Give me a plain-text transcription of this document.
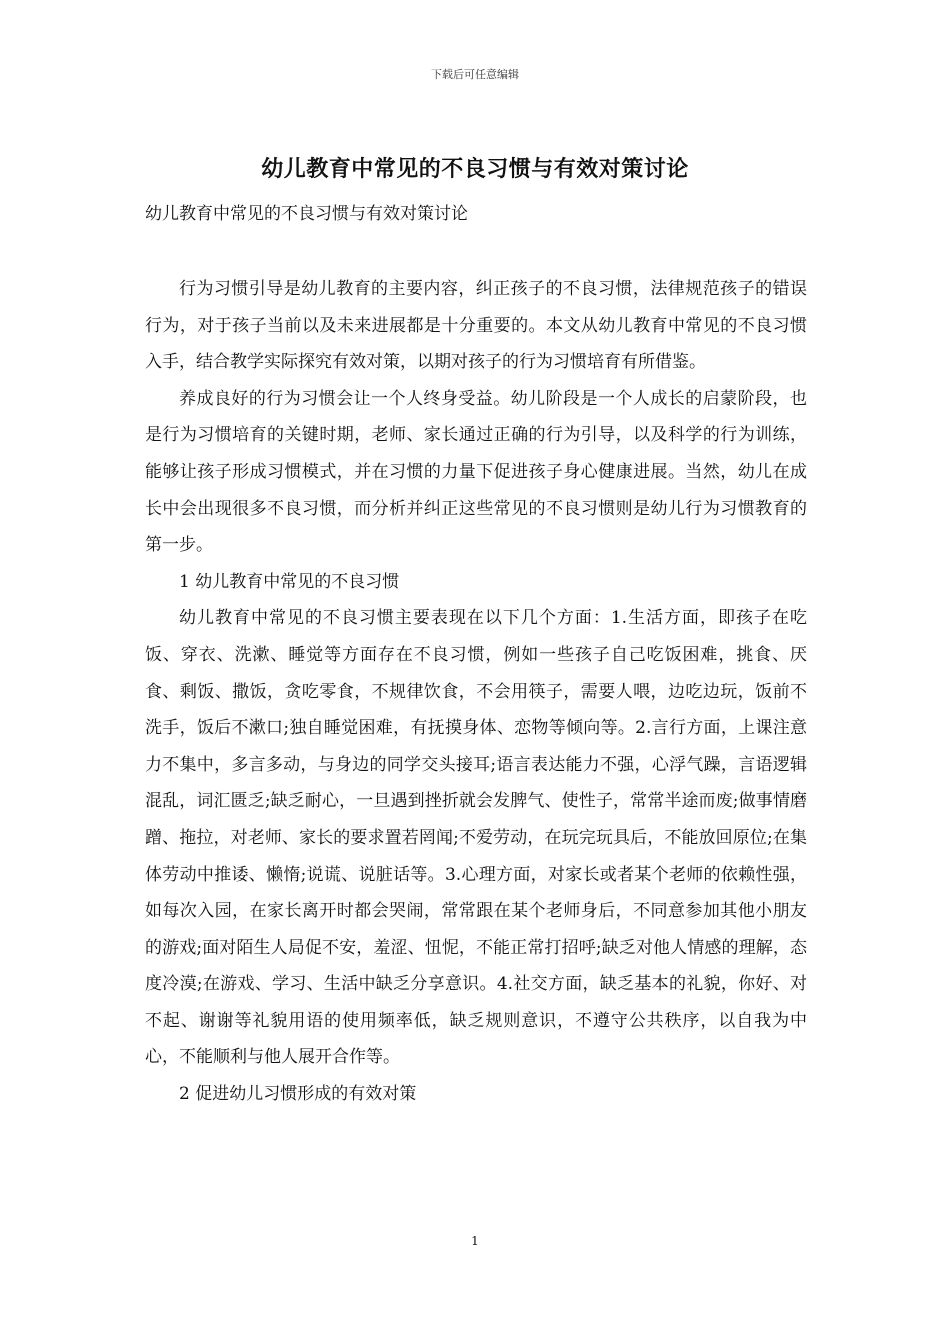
下载后可任意编辑
幼儿教育中常见的不良习惯与有效对策讨论
幼儿教育中常见的不良习惯与有效对策讨论

行为习惯引导是幼儿教育的主要内容，纠正孩子的不良习惯，法律规范孩子的错误行为，对于孩子当前以及未来进展都是十分重要的。本文从幼儿教育中常见的不良习惯入手，结合教学实际探究有效对策，以期对孩子的行为习惯培育有所借鉴。

养成良好的行为习惯会让一个人终身受益。幼儿阶段是一个人成长的启蒙阶段，也是行为习惯培育的关键时期，老师、家长通过正确的行为引导，以及科学的行为训练，能够让孩子形成习惯模式，并在习惯的力量下促进孩子身心健康进展。当然，幼儿在成长中会出现很多不良习惯，而分析并纠正这些常见的不良习惯则是幼儿行为习惯教育的第一步。

1 幼儿教育中常见的不良习惯

幼儿教育中常见的不良习惯主要表现在以下几个方面：1.生活方面，即孩子在吃饭、穿衣、洗漱、睡觉等方面存在不良习惯，例如一些孩子自己吃饭困难，挑食、厌食、剩饭、撒饭，贪吃零食，不规律饮食，不会用筷子，需要人喂，边吃边玩，饭前不洗手，饭后不漱口;独自睡觉困难，有抚摸身体、恋物等倾向等。2.言行方面，上课注意力不集中，多言多动，与身边的同学交头接耳;语言表达能力不强，心浮气躁，言语逻辑混乱，词汇匮乏;缺乏耐心，一旦遇到挫折就会发脾气、使性子，常常半途而废;做事情磨蹭、拖拉，对老师、家长的要求置若罔闻;不爱劳动，在玩完玩具后，不能放回原位;在集体劳动中推诿、懒惰;说谎、说脏话等。3.心理方面，对家长或者某个老师的依赖性强，如每次入园，在家长离开时都会哭闹，常常跟在某个老师身后，不同意参加其他小朋友的游戏;面对陌生人局促不安，羞涩、忸怩，不能正常打招呼;缺乏对他人情感的理解，态度冷漠;在游戏、学习、生活中缺乏分享意识。4.社交方面，缺乏基本的礼貌，你好、对不起、谢谢等礼貌用语的使用频率低，缺乏规则意识，不遵守公共秩序，以自我为中心，不能顺利与他人展开合作等。

2 促进幼儿习惯形成的有效对策

1
